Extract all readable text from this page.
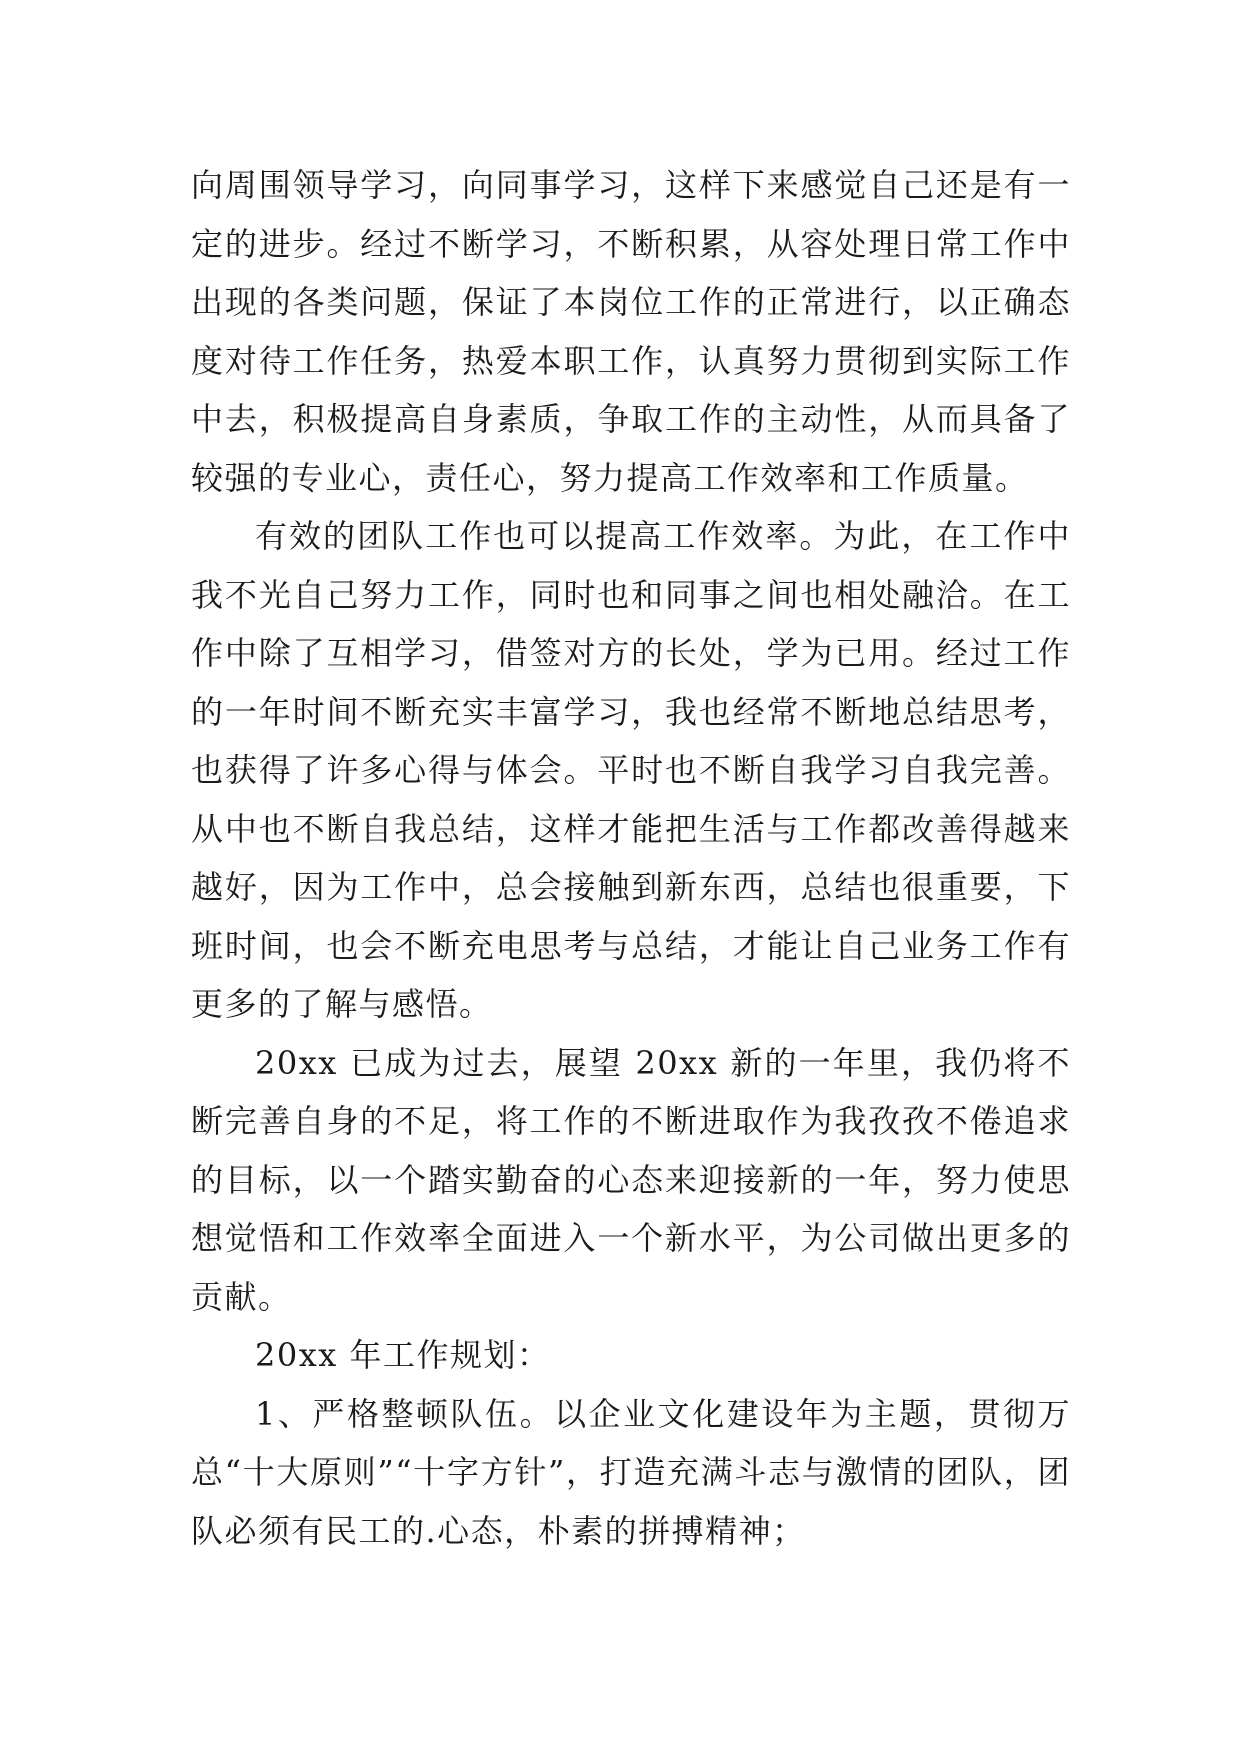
向周围领导学习，向同事学习，这样下来感觉自己还是有一定的进步。经过不断学习，不断积累，从容处理日常工作中出现的各类问题，保证了本岗位工作的正常进行，以正确态度对待工作任务，热爱本职工作，认真努力贯彻到实际工作中去，积极提高自身素质，争取工作的主动性，从而具备了较强的专业心，责任心，努力提高工作效率和工作质量。

有效的团队工作也可以提高工作效率。为此，在工作中我不光自己努力工作，同时也和同事之间也相处融洽。在工作中除了互相学习，借签对方的长处，学为已用。经过工作的一年时间不断充实丰富学习，我也经常不断地总结思考，也获得了许多心得与体会。平时也不断自我学习自我完善。从中也不断自我总结，这样才能把生活与工作都改善得越来越好，因为工作中，总会接触到新东西，总结也很重要，下班时间，也会不断充电思考与总结，才能让自己业务工作有更多的了解与感悟。

20xx 已成为过去，展望 20xx 新的一年里，我仍将不断完善自身的不足，将工作的不断进取作为我孜孜不倦追求的目标，以一个踏实勤奋的心态来迎接新的一年，努力使思想觉悟和工作效率全面进入一个新水平，为公司做出更多的贡献。

20xx 年工作规划：

1、严格整顿队伍。以企业文化建设年为主题，贯彻万总“十大原则”“十字方针”，打造充满斗志与激情的团队，团队必须有民工的.心态，朴素的拼搏精神；
